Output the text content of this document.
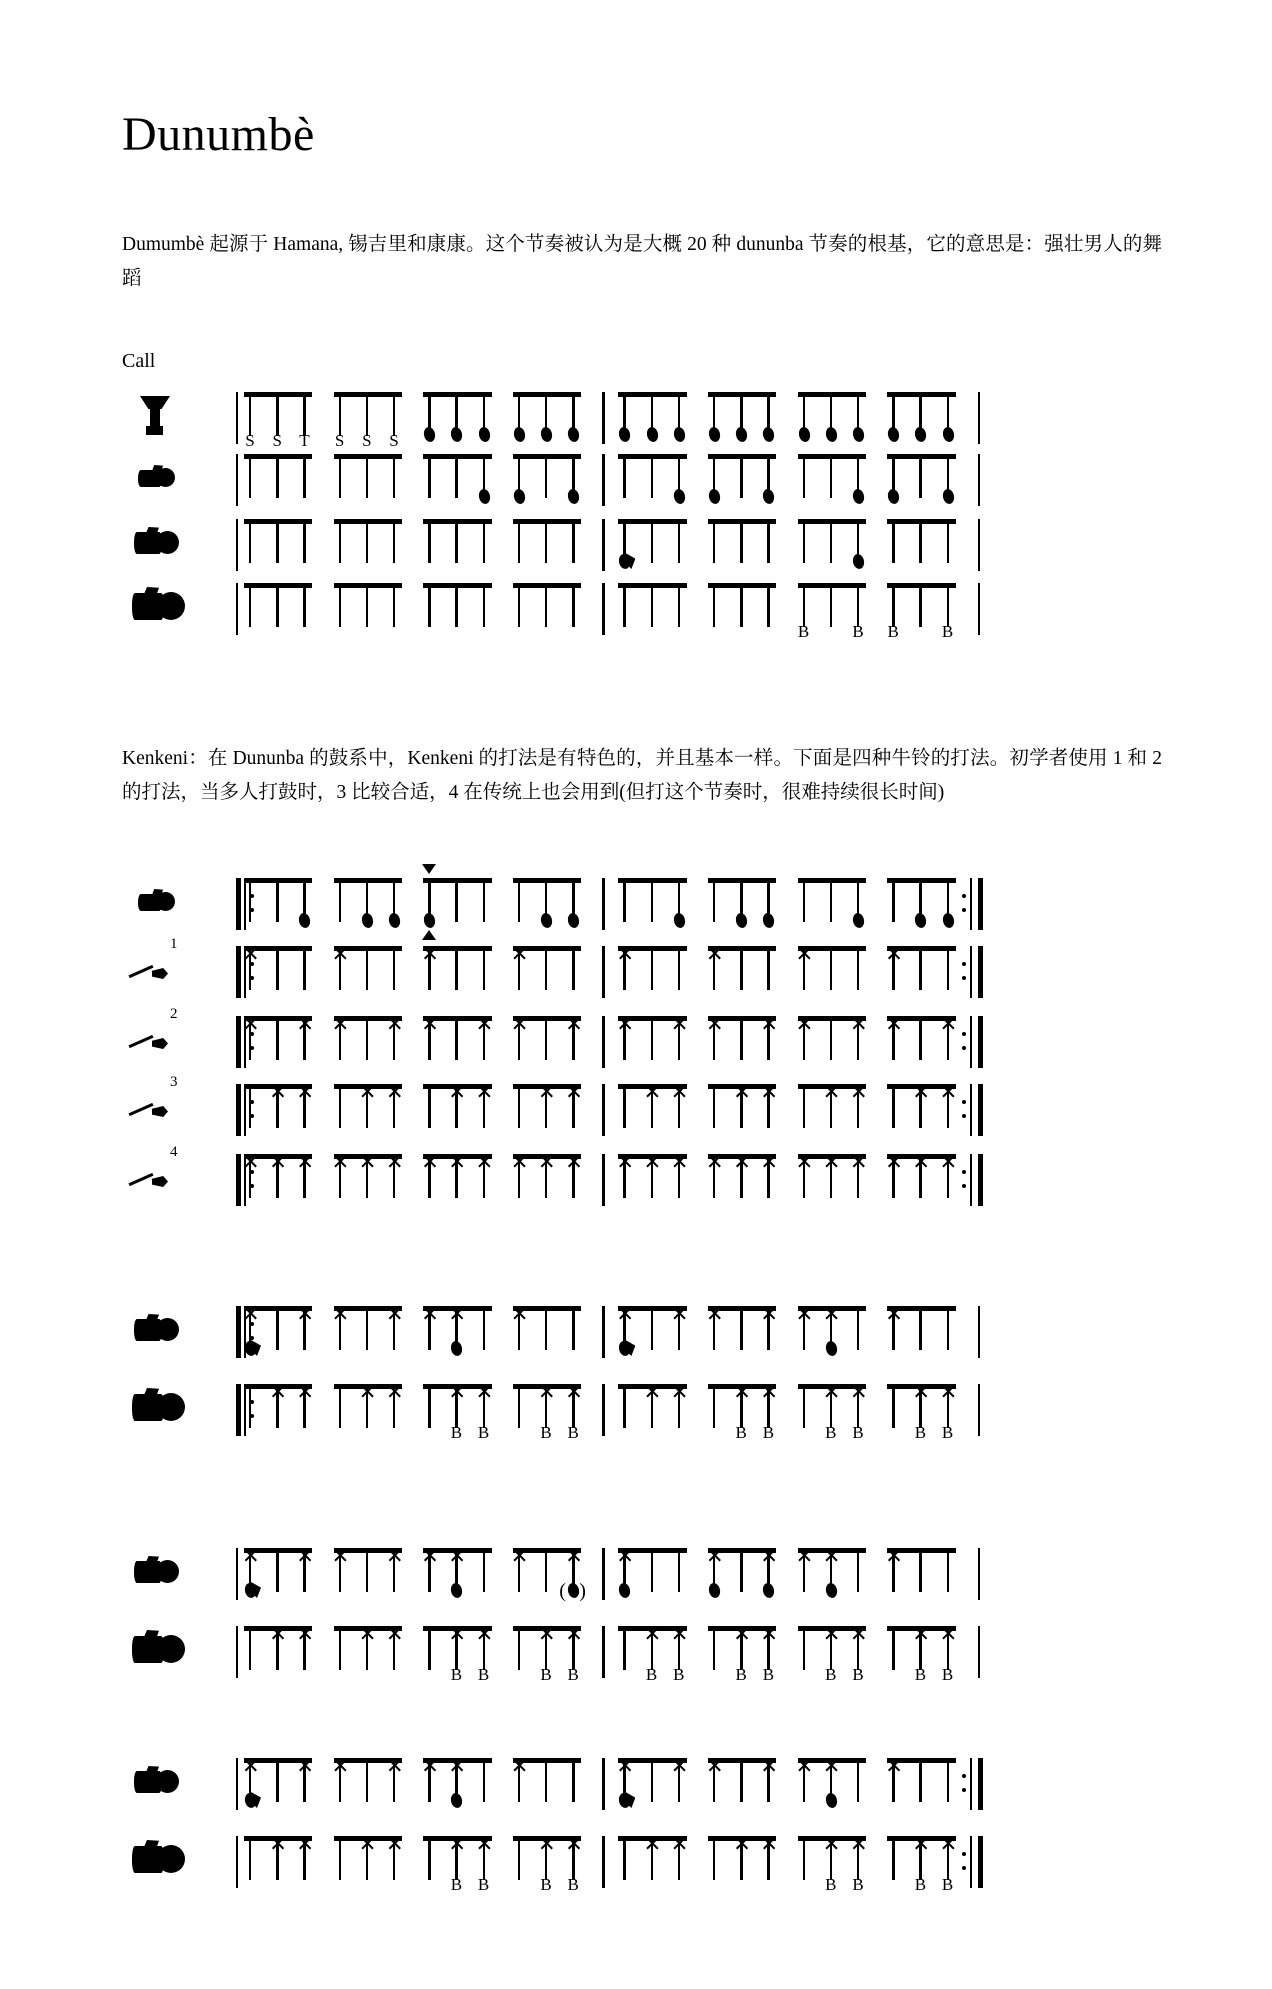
Dunumbè
Dumumbè 起源于 Hamana, 锡吉里和康康。这个节奏被认为是大概 20 种 dununba 节奏的根基，它的意思是：强壮男人的舞蹈
Call
Kenkeni：在 Dununba 的鼓系中，Kenkeni 的打法是有特色的，并且基本一样。下面是四种牛铃的打法。初学者使用 1 和 2 的打法，当多人打鼓时，3 比较合适，4 在传统上也会用到(但打这个节奏时，很难持续很长时间)
S S T S S S
B	B B	B
1
✕
✕
✕
✕
✕
✕
✕
✕
2
✕
✕
✕
✕
✕
✕
✕
✕
✕
✕
✕
✕
✕
✕
✕
✕
3
✕
✕
✕
✕
✕
✕
✕
✕
✕
✕
✕
✕
✕
✕
✕
✕
4
✕
✕
✕
✕
✕
✕
✕
✕
✕
✕
✕
✕
✕
✕
✕
✕
✕
✕
✕
✕
✕
✕
✕
✕
✕
✕
✕
✕
✕
✕
✕
✕
✕
✕
✕
✕
✕
✕
✕
✕
✕
✕
✕
B
✕ B
✕	B
✕ B
✕
✕
✕	B
✕ B
✕	B
✕ B
✕	B
✕ B
✕
✕
✕
✕
✕
✕
✕
✕
( )
✕
✕
✕
✕
✕
✕
✕
✕
✕
✕
✕
B
✕ B
✕	B
✕ B
✕	B
✕ B
✕	B
✕ B
✕	B
✕ B
✕	B
✕ B
✕
✕
✕
✕
✕
✕
✕
✕
✕
✕
✕
✕
✕
✕
✕
✕
✕
✕
✕
B
✕ B
✕	B
✕ B
✕
✕
✕
✕
✕	B
✕ B
✕	B
✕ B
